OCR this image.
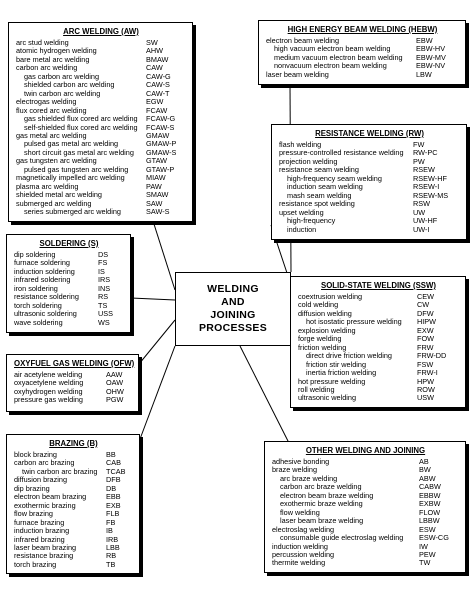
ARC WELDING (AW)
arc stud welding	SW
atomic hydrogen welding	AHW
bare metal arc welding	BMAW
carbon arc welding	CAW
gas carbon arc welding	CAW-G
shielded carbon arc welding	CAW-S
twin carbon arc welding	CAW-T
electrogas welding	EGW
flux cored arc welding	FCAW
gas shielded flux cored arc welding FCAW-G
self-shielded flux cored arc welding FCAW-S
gas metal arc welding	GMAW
pulsed gas metal arc welding	GMAW-P
short circuit gas metal arc welding GMAW-S
gas tungsten arc welding	GTAW
pulsed gas tungsten arc welding GTAW-P
magnetically impelled arc welding	MIAW
plasma arc welding	PAW
shielded metal arc welding	SMAW
submerged arc welding	SAW
series submerged arc welding	SAW-S
HIGH ENERGY BEAM WELDING (HEBW)
electron beam welding	EBW
high vacuum electron beam welding	EBW-HV
medium vacuum electron beam welding EBW-MV
nonvacuum electron beam welding	EBW-NV
laser beam welding	LBW
RESISTANCE WELDING (RW)
flash welding	FW
pressure-controlled resistance welding RW-PC
projection welding	PW
resistance seam welding	RSEW
high-frequency seam welding	RSEW-HF
induction seam welding	RSEW-I
mash seam welding	RSEW-MS
resistance spot welding	RSW
upset welding	UW
high-frequency	UW-HF
induction	UW-I
SOLDERING (S)
dip soldering	DS
furnace soldering	FS
induction soldering	IS
infrared soldering	IRS
iron soldering	INS
resistance soldering	RS
torch soldering	TS
ultrasonic soldering	USS
wave soldering	WS
WELDING
AND
JOINING
PROCESSES
SOLID-STATE WELDING (SSW)
coextrusion welding	CEW
cold welding	CW
diffusion welding	DFW
hot isostatic pressure welding HIPW
explosion welding	EXW
forge welding	FOW
friction welding	FRW
direct drive friction welding	FRW-DD
friction stir welding	FSW
inertia friction welding	FRW-I
hot pressure welding	HPW
roll welding	ROW
ultrasonic welding	USW
OXYFUEL GAS WELDING (OFW)
air acetylene welding	AAW
oxyacetylene welding	OAW
oxyhydrogen welding	OHW
pressure gas welding	PGW
BRAZING (B)
block brazing	BB
carbon arc brazing	CAB
twin carbon arc brazing TCAB
diffusion brazing	DFB
dip brazing	DB
electron beam brazing	EBB
exothermic brazing	EXB
flow brazing	FLB
furnace brazing	FB
induction brazing	IB
infrared brazing	IRB
laser beam brazing	LBB
resistance brazing	RB
torch brazing	TB
OTHER WELDING AND JOINING
adhesive bonding	AB
braze welding	BW
arc braze welding	ABW
carbon arc braze welding	CABW
electron beam braze welding	EBBW
exothermic braze welding	EXBW
flow welding	FLOW
laser beam braze welding	LBBW
electroslag welding	ESW
consumable guide electroslag welding ESW-CG
induction welding	IW
percussion welding	PEW
thermite welding	TW
